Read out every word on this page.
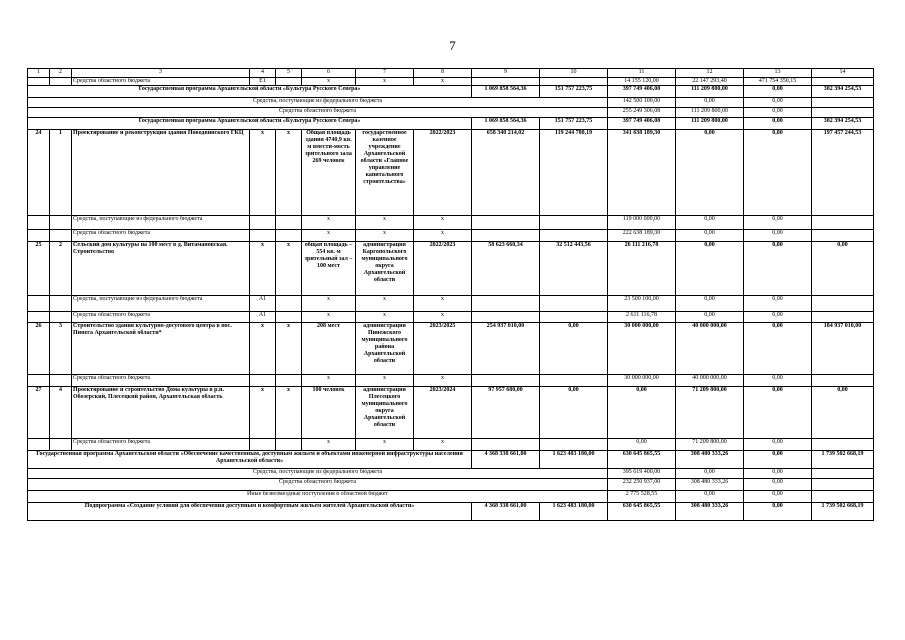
7
1	2	3	4	5	6	7	8	9	10	11	12	13	14
		Средства областного бюджета	E1		x	x	x			14 155 120,00	22 147 293,40	471 754 350,15	
Государственная программа Архангельской области «Культура Русского Севера»								1 069 858 564,36	151 757 223,75	397 749 406,08	111 209 800,00	0,00	382 394 254,53
Средства, поступающие из федерального бюджета										142 500 100,00	0,00	0,00	
Средства областного бюджета										255 249 306,08	111 209 800,00	0,00	
Государственная программа Архангельской области «Культура Русского Севера»								1 069 858 564,36	151 757 223,75	397 749 406,08	111 209 800,00	0,00	382 394 254,53
24	1	Проектирование и реконструкция здания Новодвинского ГКЦ	x	x	Общая площадь здания 4740,9 кв. м вмести-мость зрительного зала 269 человек	государственное казенное учреждение Архангельской области «Главное управление капитального строительства»	2022/2023	658 340 214,02	119 244 780,19	341 638 189,30	0,00	0,00	197 457 244,53
		Средства, поступающие из федерального бюджета			x	x	x			119 000 000,00	0,00	0,00	
		Средства областного бюджета			x	x	x			222 638 189,30	0,00	0,00	
25	2	Сельский дом культуры на 100 мест в д. Витамановская. Строительство	x	x	общая площадь – 554 кв. м зрительный зал – 100 мест	администрация Каргопольского муниципального округа Архангельской области	2022/2023	58 623 660,34	32 512 443,56	26 111 216,78	0,00	0,00	0,00
		Средства, поступающие из федерального бюджета	A1		x	x	x			23 500 100,00	0,00	0,00	
		Средства областного бюджета	A1		x	x	x			2 611 116,78	0,00	0,00	
26	3	Строительство здания культурно-досугового центра в пос. Пинега Архангельской области*	x	x	208 мест	администрация Пинежского муниципального района Архангельской области	2023/2025	254 937 010,00	0,00	30 000 000,00	40 000 000,00	0,00	184 937 010,00
		Средства областного бюджета			x	x	x			30 000 000,00	40 000 000,00	0,00	
27	4	Проектирование и строительство Дома культуры в р.п. Обозерский, Плесецкий район, Архангельская область	x	x	100 человек	администрация Плесецкого муниципального округа Архангельской области	2023/2024	97 957 680,00	0,00	0,00	71 209 800,00	0,00	0,00
		Средства областного бюджета			x	x	x			0,00	71 209 800,00	0,00	
Государственная программа Архангельской области «Обеспечение качественным, доступным жильем и объектами инженерной инфраструктуры населения Архангельской области»								4 368 338 661,00	1 623 483 180,00	630 645 865,55	308 480 333,26	0,00	1 739 502 668,19
Средства, поступающие из федерального бюджета										395 619 400,00	0,00	0,00	
Средства областного бюджета										232 250 937,00	308 480 333,26	0,00	
Иные безвозмездные поступления в областной бюджет										2 775 528,55	0,00	0,00	
Подпрограмма «Создание условий для обеспечения доступным и комфортным жильем жителей Архангельской области»								4 368 338 661,00	1 623 483 180,00	630 645 865,55	308 480 333,26	0,00	1 739 502 668,19
